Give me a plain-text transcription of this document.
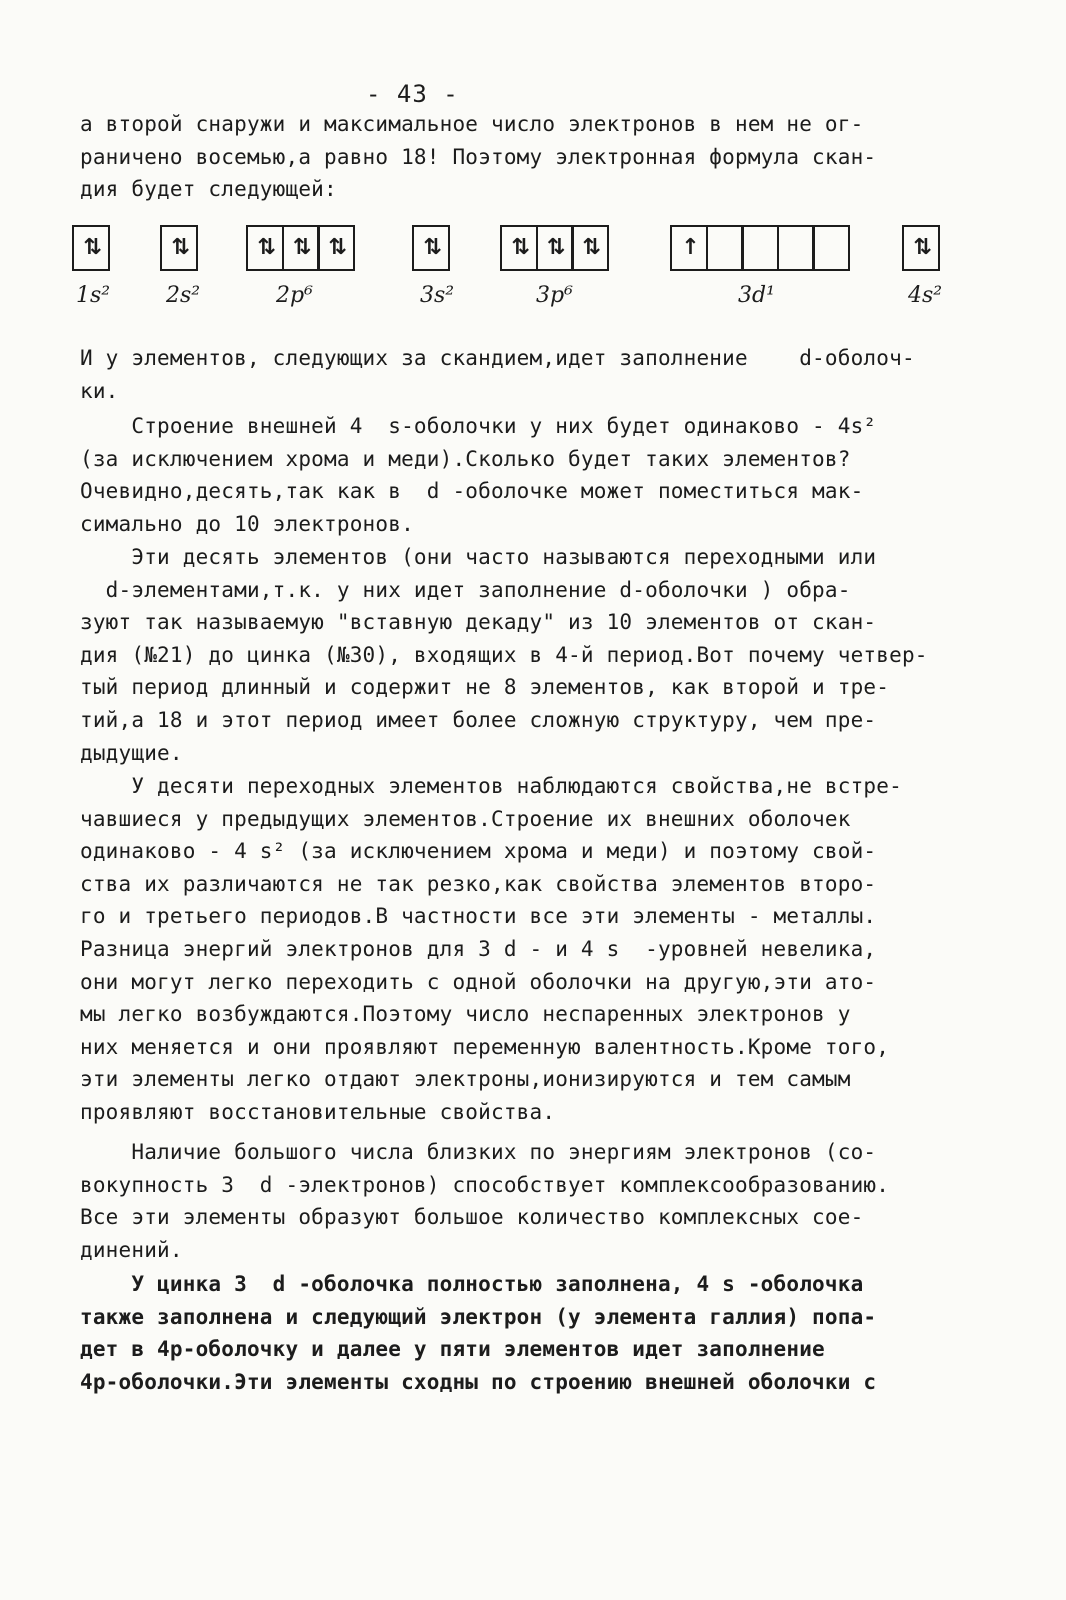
- 43 -
а второй снаружи и максимальное число электронов в нем не ог-
раничено восемью,а равно 18! Поэтому электронная формула скан-
дия будет следующей:
⇅
1s²
⇅
2s²
⇅ ⇅ ⇅
2p⁶
⇅
3s²
⇅ ⇅ ⇅
3p⁶
↑
3d¹
⇅
4s²
И у элементов, следующих за скандием,идет заполнение    d-оболоч-
ки.
Строение внешней 4  s-оболочки у них будет одинаково - 4s²
(за исключением хрома и меди).Сколько будет таких элементов?
Очевидно,десять,так как в  d -оболочке может поместиться мак-
симально до 10 электронов.
Эти десять элементов (они часто называются переходными или
d-элементами,т.к. у них идет заполнение d-оболочки ) обра-
зуют так называемую "вставную декаду" из 10 элементов от скан-
дия (№21) до цинка (№30), входящих в 4-й период.Вот почему четвер-
тый период длинный и содержит не 8 элементов, как второй и тре-
тий,а 18 и этот период имеет более сложную структуру, чем пре-
дыдущие.
У десяти переходных элементов наблюдаются свойства,не встре-
чавшиеся у предыдущих элементов.Строение их внешних оболочек
одинаково - 4 s² (за исключением хрома и меди) и поэтому свой-
ства их различаются не так резко,как свойства элементов второ-
го и третьего периодов.В частности все эти элементы - металлы.
Разница энергий электронов для 3 d - и 4 s  -уровней невелика,
они могут легко переходить с одной оболочки на другую,эти ато-
мы легко возбуждаются.Поэтому число неспаренных электронов у
них меняется и они проявляют переменную валентность.Кроме того,
эти элементы легко отдают электроны,ионизируются и тем самым
проявляют восстановительные свойства.
Наличие большого числа близких по энергиям электронов (со-
вокупность 3  d -электронов) способствует комплексообразованию.
Все эти элементы образуют большое количество комплексных сое-
динений.
У цинка 3  d -оболочка полностью заполнена, 4 s -оболочка
также заполнена и следующий электрон (у элемента галлия) попа-
дет в 4p-оболочку и далее у пяти элементов идет заполнение
4p-оболочки.Эти элементы сходны по строению внешней оболочки с
